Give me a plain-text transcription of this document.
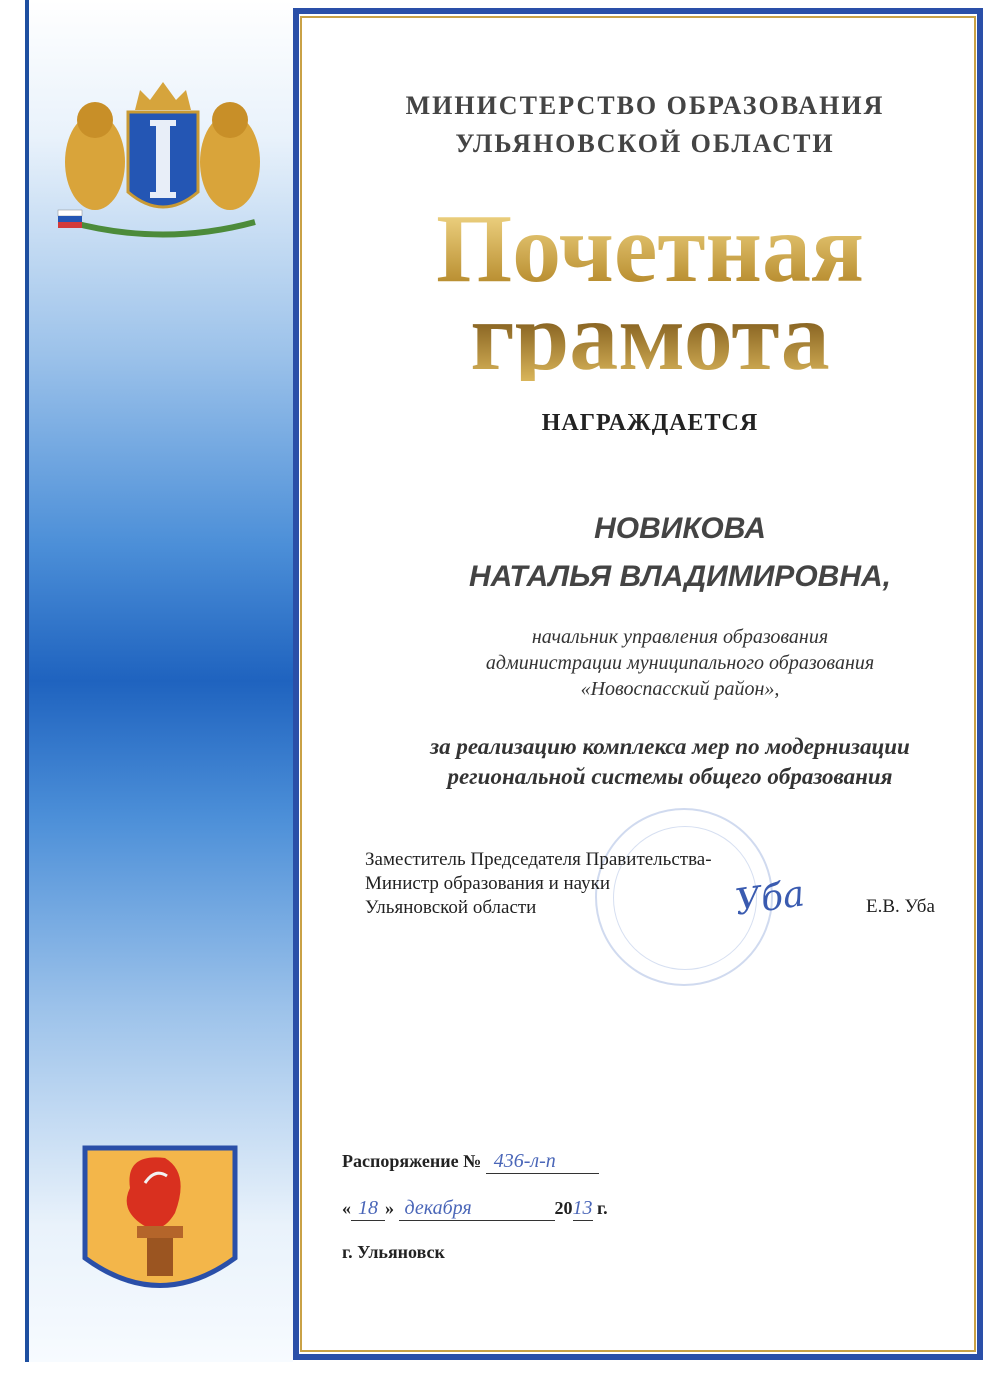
МИНИСТЕРСТВО ОБРАЗОВАНИЯ
УЛЬЯНОВСКОЙ ОБЛАСТИ
Почетная
грамота
НАГРАЖДАЕТСЯ
НОВИКОВА
НАТАЛЬЯ ВЛАДИМИРОВНА,
начальник управления образования
администрации муниципального образования
«Новоспасский район»,
за реализацию комплекса мер по модернизации
региональной системы общего образования
Заместитель Председателя Правительства-
Министр образования и науки
Ульяновской области	Уба	Е.В. Уба
Распоряжение № 436-л-п
« 18 » декабря	2013 г.
г. Ульяновск
